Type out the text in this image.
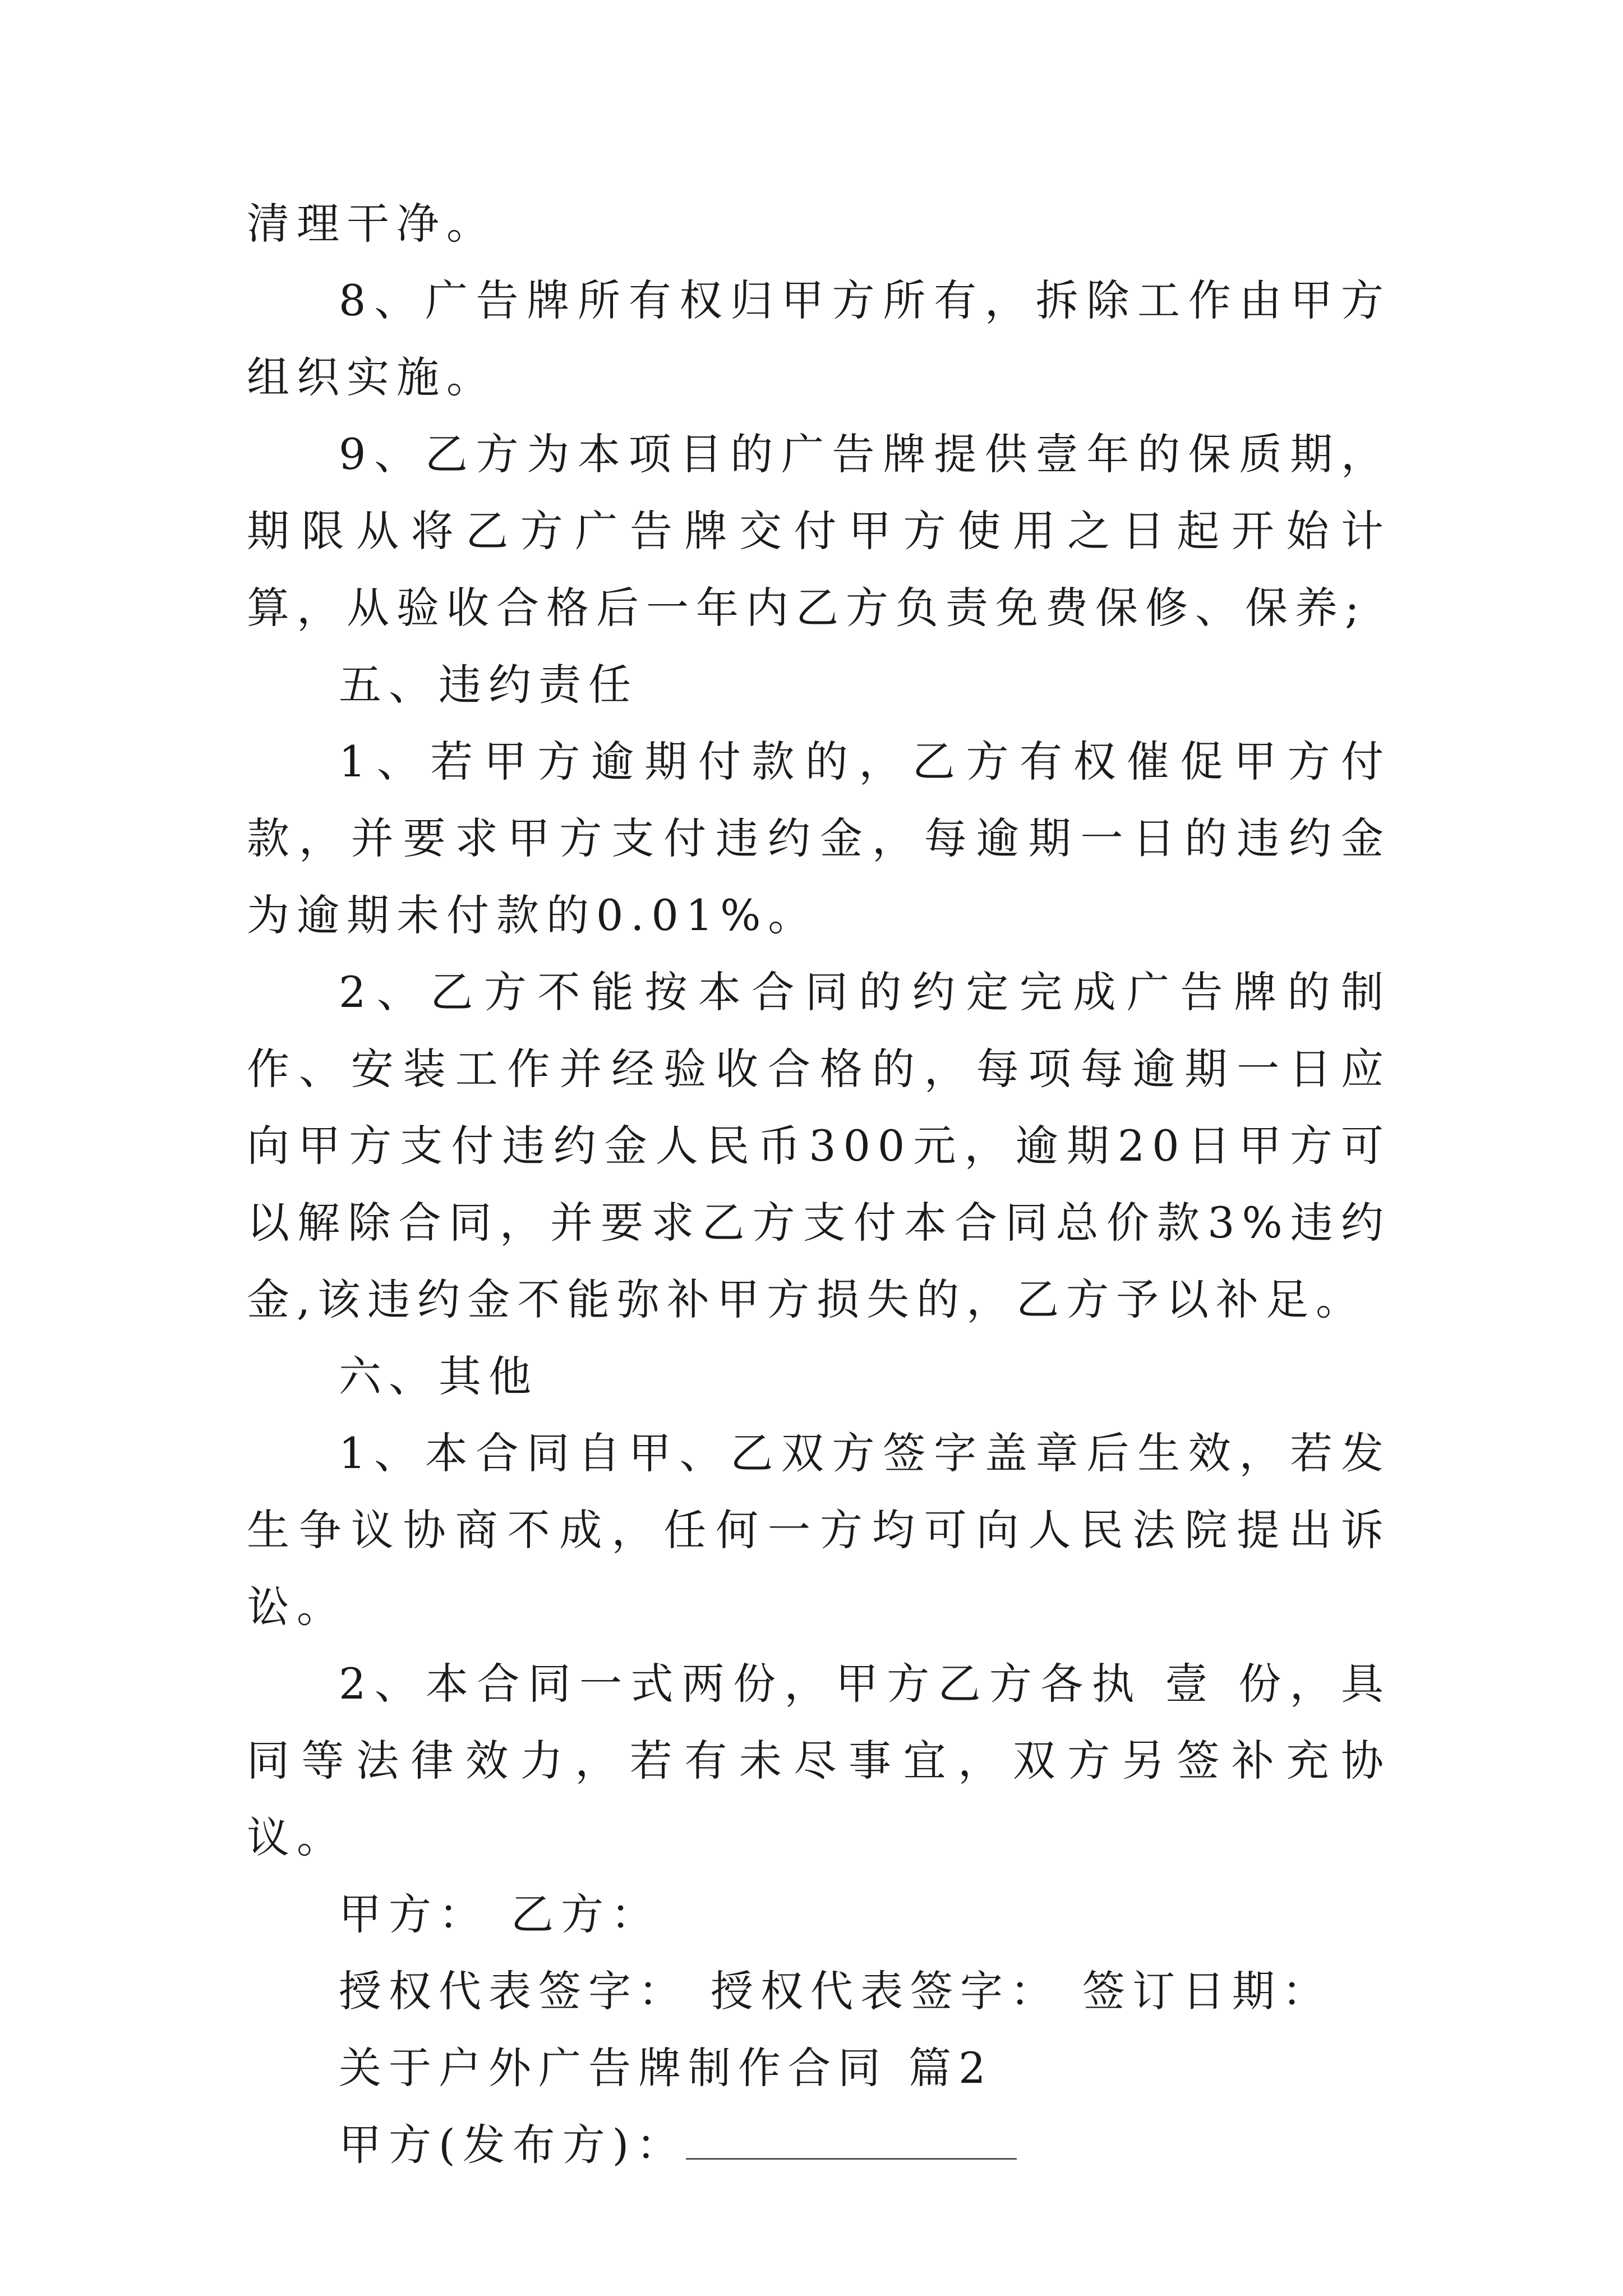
清理干净。

8、广告牌所有权归甲方所有，拆除工作由甲方组织实施。

9、乙方为本项目的广告牌提供壹年的保质期，期限从将乙方广告牌交付甲方使用之日起开始计算，从验收合格后一年内乙方负责免费保修、保养;

五、违约责任

1、若甲方逾期付款的，乙方有权催促甲方付款，并要求甲方支付违约金，每逾期一日的违约金为逾期未付款的0.01%。

2、乙方不能按本合同的约定完成广告牌的制作、安装工作并经验收合格的，每项每逾期一日应向甲方支付违约金人民币300元，逾期20日甲方可以解除合同，并要求乙方支付本合同总价款3%违约金,该违约金不能弥补甲方损失的，乙方予以补足。

六、其他

1、本合同自甲、乙双方签字盖章后生效，若发生争议协商不成，任何一方均可向人民法院提出诉讼。

2、本合同一式两份，甲方乙方各执 壹 份，具同等法律效力，若有未尽事宜，双方另签补充协议。

甲方： 乙方：

授权代表签字： 授权代表签字： 签订日期：

关于户外广告牌制作合同 篇2

甲方(发布方)：
